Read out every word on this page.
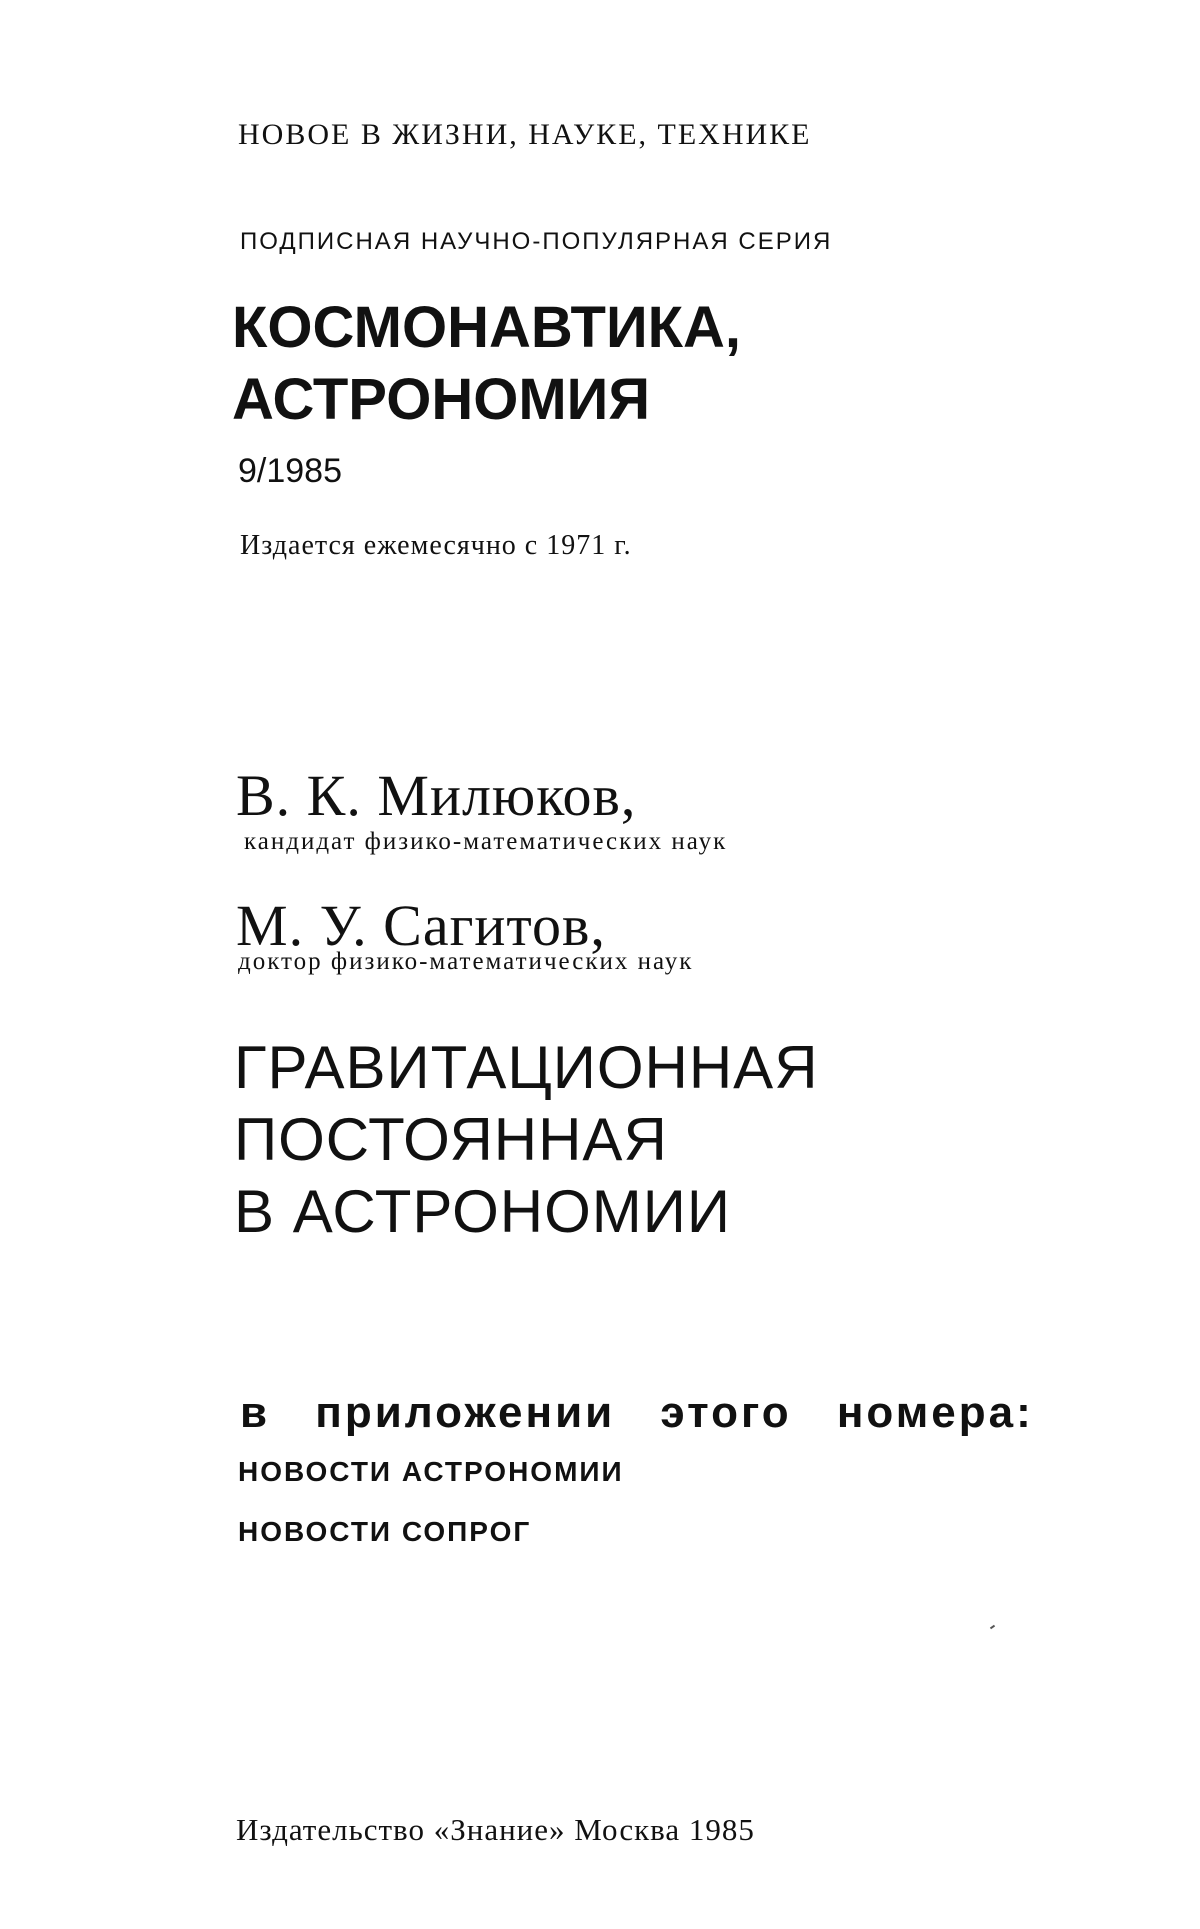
НОВОЕ В ЖИЗНИ, НАУКЕ, ТЕХНИКЕ
ПОДПИСНАЯ НАУЧНО-ПОПУЛЯРНАЯ СЕРИЯ
КОСМОНАВТИКА,
АСТРОНОМИЯ
9/1985
Издается ежемесячно с 1971 г.
В. К. Милюков,
кандидат физико-математических наук
М. У. Сагитов,
доктор физико-математических наук
ГРАВИТАЦИОННАЯ
ПОСТОЯННАЯ
В АСТРОНОМИИ
в приложении этого номера:
НОВОСТИ АСТРОНОМИИ
НОВОСТИ СОПРОГ
Издательство «Знание» Москва 1985
